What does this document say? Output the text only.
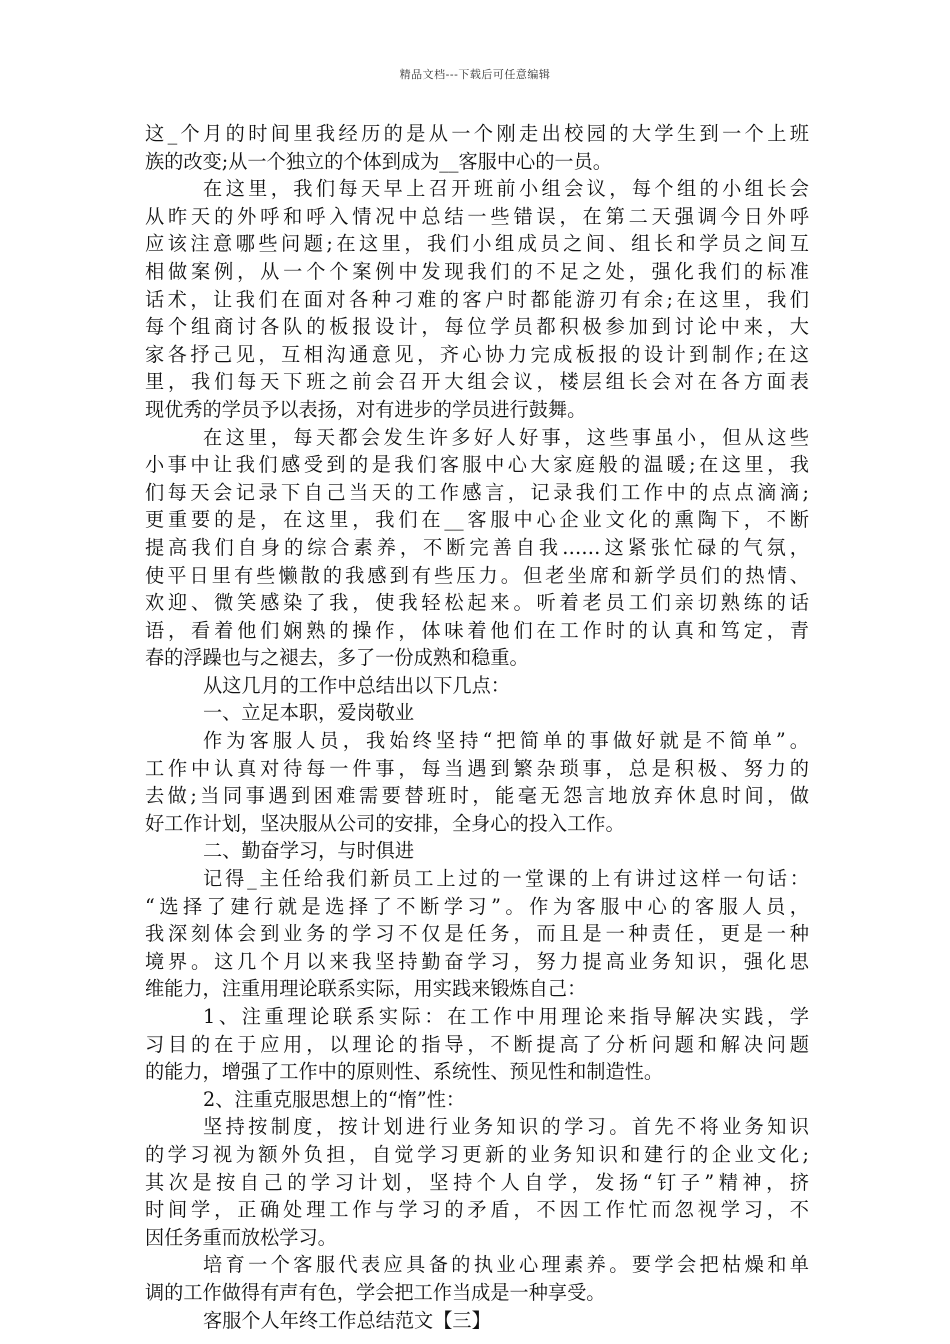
精品文档---下载后可任意编辑
这_个月的时间里我经历的是从一个刚走出校园的大学生到一个上班
族的改变;从一个独立的个体到成为__客服中心的一员。
在这里，我们每天早上召开班前小组会议，每个组的小组长会
从昨天的外呼和呼入情况中总结一些错误，在第二天强调今日外呼
应该注意哪些问题;在这里，我们小组成员之间、组长和学员之间互
相做案例，从一个个案例中发现我们的不足之处，强化我们的标准
话术，让我们在面对各种刁难的客户时都能游刃有余;在这里，我们
每个组商讨各队的板报设计，每位学员都积极参加到讨论中来，大
家各抒己见，互相沟通意见，齐心协力完成板报的设计到制作;在这
里，我们每天下班之前会召开大组会议，楼层组长会对在各方面表
现优秀的学员予以表扬，对有进步的学员进行鼓舞。
在这里，每天都会发生许多好人好事，这些事虽小，但从这些
小事中让我们感受到的是我们客服中心大家庭般的温暖;在这里，我
们每天会记录下自己当天的工作感言，记录我们工作中的点点滴滴;
更重要的是，在这里，我们在__客服中心企业文化的熏陶下，不断
提高我们自身的综合素养，不断完善自我……这紧张忙碌的气氛，
使平日里有些懒散的我感到有些压力。但老坐席和新学员们的热情、
欢迎、微笑感染了我，使我轻松起来。听着老员工们亲切熟练的话
语，看着他们娴熟的操作，体味着他们在工作时的认真和笃定，青
春的浮躁也与之褪去，多了一份成熟和稳重。
从这几月的工作中总结出以下几点：
一、立足本职，爱岗敬业
作为客服人员，我始终坚持“把简单的事做好就是不简单”。
工作中认真对待每一件事，每当遇到繁杂琐事，总是积极、努力的
去做;当同事遇到困难需要替班时，能毫无怨言地放弃休息时间，做
好工作计划，坚决服从公司的安排，全身心的投入工作。
二、勤奋学习，与时俱进
记得_主任给我们新员工上过的一堂课的上有讲过这样一句话：
“选择了建行就是选择了不断学习”。作为客服中心的客服人员，
我深刻体会到业务的学习不仅是任务，而且是一种责任，更是一种
境界。这几个月以来我坚持勤奋学习，努力提高业务知识，强化思
维能力，注重用理论联系实际，用实践来锻炼自己：
1、注重理论联系实际：在工作中用理论来指导解决实践，学
习目的在于应用，以理论的指导，不断提高了分析问题和解决问题
的能力，增强了工作中的原则性、系统性、预见性和制造性。
2、注重克服思想上的“惰”性：
坚持按制度，按计划进行业务知识的学习。首先不将业务知识
的学习视为额外负担，自觉学习更新的业务知识和建行的企业文化;
其次是按自己的学习计划，坚持个人自学，发扬“钉子”精神，挤
时间学，正确处理工作与学习的矛盾，不因工作忙而忽视学习，不
因任务重而放松学习。
培育一个客服代表应具备的执业心理素养。要学会把枯燥和单
调的工作做得有声有色，学会把工作当成是一种享受。
客服个人年终工作总结范文【三】
